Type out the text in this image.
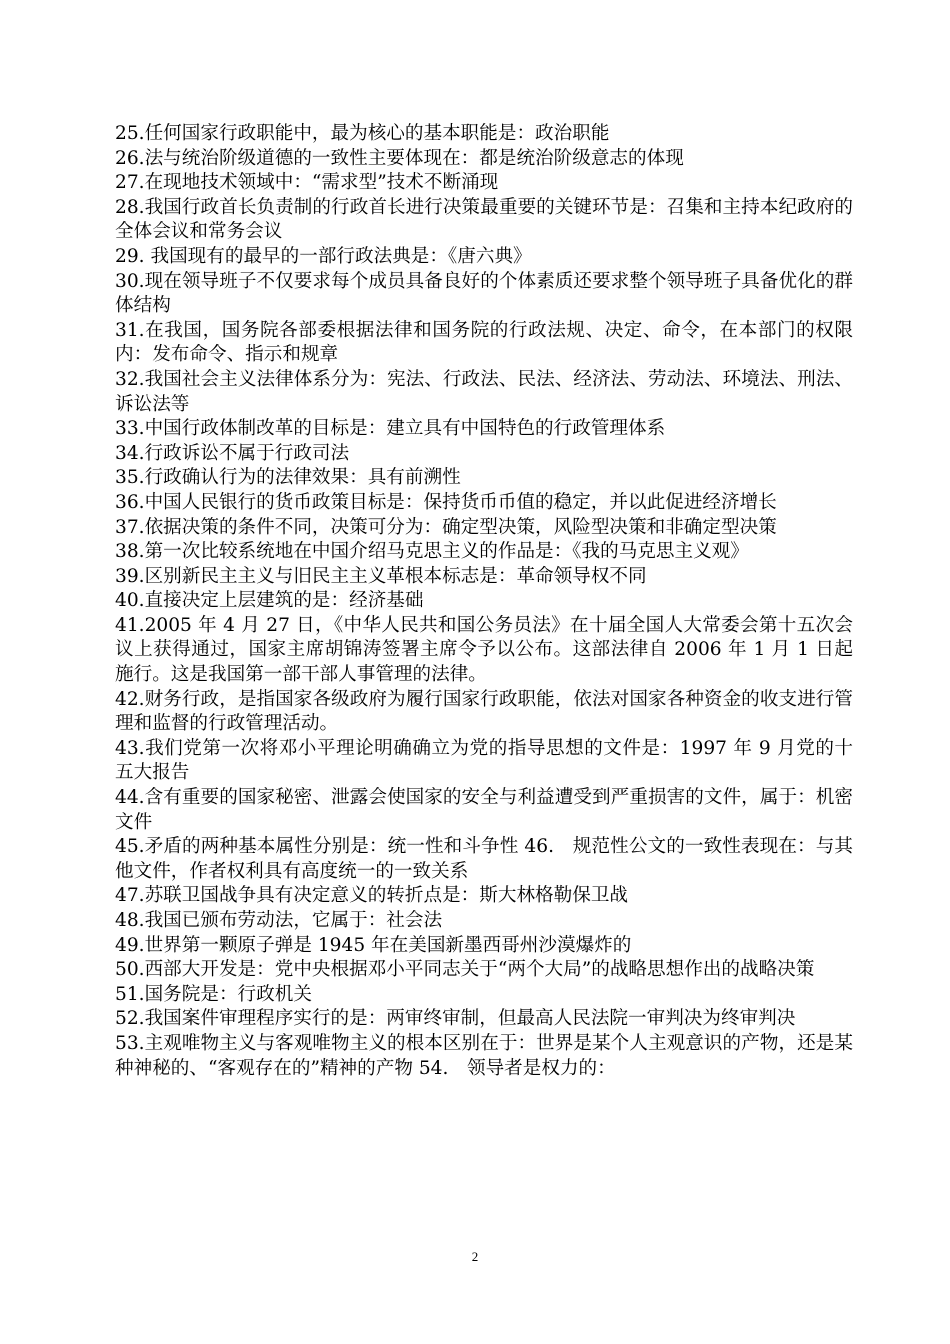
25.任何国家行政职能中，最为核心的基本职能是：政治职能

26.法与统治阶级道德的一致性主要体现在：都是统治阶级意志的体现

27.在现地技术领域中：“需求型”技术不断涌现

28.我国行政首长负责制的行政首长进行决策最重要的关键环节是：召集和主持本纪政府的全体会议和常务会议

29. 我国现有的最早的一部行政法典是：《唐六典》

30.现在领导班子不仅要求每个成员具备良好的个体素质还要求整个领导班子具备优化的群体结构

31.在我国，国务院各部委根据法律和国务院的行政法规、决定、命令，在本部门的权限内：发布命令、指示和规章

32.我国社会主义法律体系分为：宪法、行政法、民法、经济法、劳动法、环境法、刑法、诉讼法等

33.中国行政体制改革的目标是：建立具有中国特色的行政管理体系

34.行政诉讼不属于行政司法

35.行政确认行为的法律效果：具有前溯性

36.中国人民银行的货币政策目标是：保持货币币值的稳定，并以此促进经济增长

37.依据决策的条件不同，决策可分为：确定型决策，风险型决策和非确定型决策

38.第一次比较系统地在中国介绍马克思主义的作品是：《我的马克思主义观》

39.区别新民主主义与旧民主主义革根本标志是：革命领导权不同

40.直接决定上层建筑的是：经济基础

41.2005 年 4 月 27 日，《中华人民共和国公务员法》在十届全国人大常委会第十五次会议上获得通过，国家主席胡锦涛签署主席令予以公布。这部法律自 2006 年 1 月 1 日起施行。这是我国第一部干部人事管理的法律。

42.财务行政，是指国家各级政府为履行国家行政职能，依法对国家各种资金的收支进行管理和监督的行政管理活动。

43.我们党第一次将邓小平理论明确确立为党的指导思想的文件是：1997 年 9 月党的十五大报告

44.含有重要的国家秘密、泄露会使国家的安全与利益遭受到严重损害的文件，属于：机密文件

45.矛盾的两种基本属性分别是：统一性和斗争性 46.　规范性公文的一致性表现在：与其他文件，作者权利具有高度统一的一致关系

47.苏联卫国战争具有决定意义的转折点是：斯大林格勒保卫战

48.我国已颁布劳动法，它属于：社会法

49.世界第一颗原子弹是 1945 年在美国新墨西哥州沙漠爆炸的

50.西部大开发是：党中央根据邓小平同志关于“两个大局”的战略思想作出的战略决策

51.国务院是：行政机关

52.我国案件审理程序实行的是：两审终审制，但最高人民法院一审判决为终审判决

53.主观唯物主义与客观唯物主义的根本区别在于：世界是某个人主观意识的产物，还是某种神秘的、“客观存在的”精神的产物 54.　领导者是权力的：

2
